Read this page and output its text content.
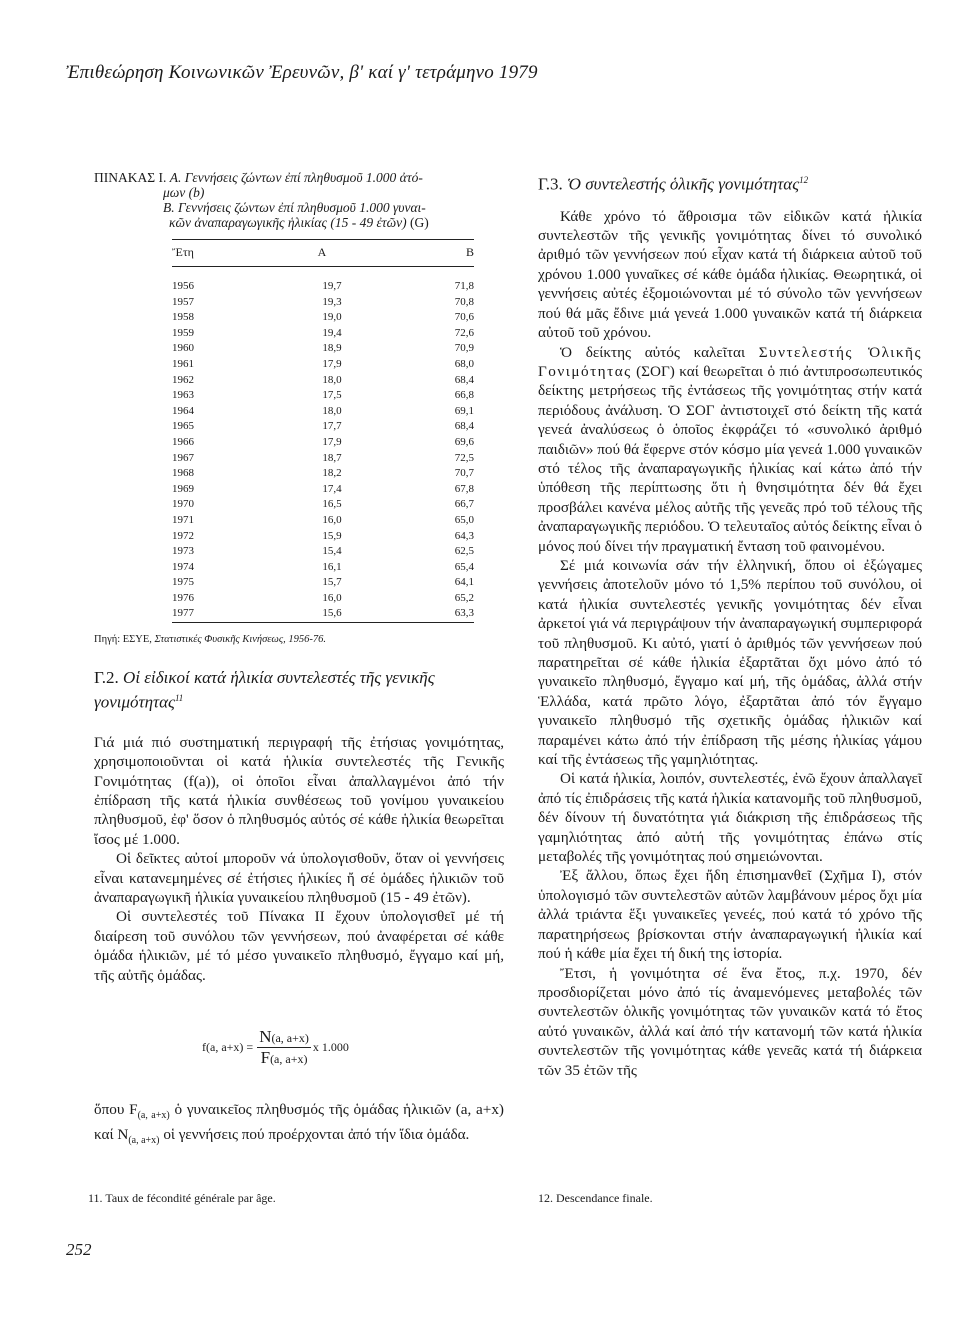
Ἐπιθεώρηση Κοινωνικῶν Ἐρευνῶν, β' καί γ' τετράμηνο 1979
ΠΙΝΑΚΑΣ Ι. Α. Γεννήσεις ζώντων ἐπί πληθυσμοῦ 1.000 ἀτό-
μων (b)
Β. Γεννήσεις ζώντων ἐπί πληθυσμοῦ 1.000 γυναι-
κῶν ἀναπαραγωγικῆς ἡλικίας (15 - 49 ἐτῶν) (G)
Ἔτη	Α	Β
1956	19,7	71,8
1957	19,3	70,8
1958	19,0	70,6
1959	19,4	72,6
1960	18,9	70,9
1961	17,9	68,0
1962	18,0	68,4
1963	17,5	66,8
1964	18,0	69,1
1965	17,7	68,4
1966	17,9	69,6
1967	18,7	72,5
1968	18,2	70,7
1969	17,4	67,8
1970	16,5	66,7
1971	16,0	65,0
1972	15,9	64,3
1973	15,4	62,5
1974	16,1	65,4
1975	15,7	64,1
1976	16,0	65,2
1977	15,6	63,3

Πηγή: ΕΣΥΕ, Στατιστικές Φυσικῆς Κινήσεως, 1956-76.
Γ.2. Οἱ εἰδικοί κατά ἡλικία συντελεστές τῆς γενικῆς γονιμότητας$^{11}$

Γιά μιά πιό συστηματική περιγραφή τῆς ἐτήσιας γονιμότητας, χρησιμοποιοῦνται οἱ κατά ἡλικία συντελεστές τῆς Γενικῆς Γονιμότητας (f(a)), οἱ ὁποῖοι εἶναι ἀπαλλαγμένοι ἀπό τήν ἐπίδραση τῆς κατά ἡλικία συνθέσεως τοῦ γονίμου γυναικείου πληθυσμοῦ, ἐφ' ὅσον ὁ πληθυσμός αὐτός σέ κάθε ἡλικία θεωρεῖται ἴσος μέ 1.000.

Οἱ δεῖκτες αὐτοί μποροῦν νά ὑπολογισθοῦν, ὅταν οἱ γεννήσεις εἶναι κατανεμημένες σέ ἐτήσιες ἡλικίες ἤ σέ ὁμάδες ἡλικιῶν τοῦ ἀναπαραγωγικῆ ἡλικία γυναικείου πληθυσμοῦ (15 - 49 ἐτῶν).

Οἱ συντελεστές τοῦ Πίνακα ΙΙ ἔχουν ὑπολογισθεῖ μέ τή διαίρεση τοῦ συνόλου τῶν γεννήσεων, πού ἀναφέρεται σέ κάθε ὁμάδα ἡλικιῶν, μέ τό μέσο γυναικεῖο πληθυσμό, ἔγγαμο καί μή, τῆς αὐτῆς ὁμάδας.

f(a, $a+x) = \frac{N(a, a+x)}{F(a, a+x)}$ x 1.000

ὅπου $F_{(a, a+x)}$ ὁ γυναικεῖος πληθυσμός τῆς ὁμάδας ἡλικιῶν (a, a+x) καί $N_{(a, a+x)}$ οἱ γεννήσεις πού προέρχονται ἀπό τήν ἴδια ὁμάδα.

Γ.3. Ὁ συντελεστής ὁλικῆς γονιμότητας$^{12}$

Κάθε χρόνο τό ἄθροισμα τῶν εἰδικῶν κατά ἡλικία συντελεστῶν τῆς γενικῆς γονιμότητας δίνει τό συνολικό ἀριθμό τῶν γεννήσεων πού εἶχαν κατά τή διάρκεια αὐτοῦ τοῦ χρόνου 1.000 γυναῖκες σέ κάθε ὁμάδα ἡλικίας. Θεωρητικά, οἱ γεννήσεις αὐτές ἐξομοιώνονται μέ τό σύνολο τῶν γεννήσεων πού θά μᾶς ἔδινε μιά γενεά 1.000 γυναικῶν κατά τή διάρκεια αὐτοῦ τοῦ χρόνου.

Ὁ δείκτης αὐτός καλεῖται Συντελεστής Ὁλικῆς Γονιμότητας (ΣΟΓ) καί θεωρεῖται ὁ πιό ἀντιπροσωπευτικός δείκτης μετρήσεως τῆς ἐντάσεως τῆς γονιμότητας στήν κατά περιόδους ἀνάλυση. Ὁ ΣΟΓ ἀντιστοιχεῖ στό δείκτη τῆς κατά γενεά ἀναλύσεως ὁ ὁποῖος ἐκφράζει τό «συνολικό ἀριθμό παιδιῶν» πού θά ἔφερνε στόν κόσμο μία γενεά 1.000 γυναικῶν στό τέλος τῆς ἀναπαραγωγικῆς ἡλικίας καί κάτω ἀπό τήν ὑπόθεση τῆς περίπτωσης ὅτι ἡ θνησιμότητα δέν θά ἔχει προσβάλει κανένα μέλος αὐτῆς τῆς γενεᾶς πρό τοῦ τέλους τῆς ἀναπαραγωγικῆς περιόδου. Ὁ τελευταῖος αὐτός δείκτης εἶναι ὁ μόνος πού δίνει τήν πραγματική ἔνταση τοῦ φαινομένου.

Σέ μιά κοινωνία σάν τήν ἑλληνική, ὅπου οἱ ἐξώγαμες γεννήσεις ἀποτελοῦν μόνο τό 1,5% περίπου τοῦ συνόλου, οἱ κατά ἡλικία συντελεστές γενικῆς γονιμότητας δέν εἶναι ἀρκετοί γιά νά περιγράψουν τήν ἀναπαραγωγική συμπεριφορά τοῦ πληθυσμοῦ. Κι αὐτό, γιατί ὁ ἀριθμός τῶν γεννήσεων πού παρατηρεῖται σέ κάθε ἡλικία ἐξαρτᾶται ὄχι μόνο ἀπό τό γυναικεῖο πληθυσμό, ἔγγαμο καί μή, τῆς ὁμάδας, ἀλλά στήν Ἑλλάδα, κατά πρῶτο λόγο, ἐξαρτᾶται ἀπό τόν ἔγγαμο γυναικεῖο πληθυσμό τῆς σχετικῆς ὁμάδας ἡλικιῶν καί παραμένει κάτω ἀπό τήν ἐπίδραση τῆς μέσης ἡλικίας γάμου καί τῆς ἐντάσεως τῆς γαμηλιότητας.

Οἱ κατά ἡλικία, λοιπόν, συντελεστές, ἐνῶ ἔχουν ἀπαλλαγεῖ ἀπό τίς ἐπιδράσεις τῆς κατά ἡλικία κατανομῆς τοῦ πληθυσμοῦ, δέν δίνουν τή δυνατότητα γιά διάκριση τῆς ἐπιδράσεως τῆς γαμηλιότητας ἀπό αὐτή τῆς γονιμότητας ἐπάνω στίς μεταβολές τῆς γονιμότητας πού σημειώνονται.

Ἐξ ἄλλου, ὅπως ἔχει ἤδη ἐπισημανθεῖ (Σχῆμα Ι), στόν ὑπολογισμό τῶν συντελεστῶν αὐτῶν λαμβάνουν μέρος ὄχι μία ἀλλά τριάντα ἕξι γυναικεῖες γενεές, πού κατά τό χρόνο τῆς παρατηρήσεως βρίσκονται στήν ἀναπαραγωγική ἡλικία καί πού ἡ κάθε μία ἔχει τή δική της ἱστορία.

Ἔτσι, ἡ γονιμότητα σέ ἕνα ἔτος, π.χ. 1970, δέν προσδιορίζεται μόνο ἀπό τίς ἀναμενόμενες μεταβολές τῶν συντελεστῶν ὁλικῆς γονιμότητας τῶν γυναικῶν κατά τό ἔτος αὐτό γυναικῶν, ἀλλά καί ἀπό τήν κατανομή τῶν κατά ἡλικία συντελεστῶν τῆς γονιμότητας κάθε γενεᾶς κατά τή διάρκεια τῶν 35 ἐτῶν τῆς

11. Taux de fécondité générale par âge.	12. Descendance finale.
252
